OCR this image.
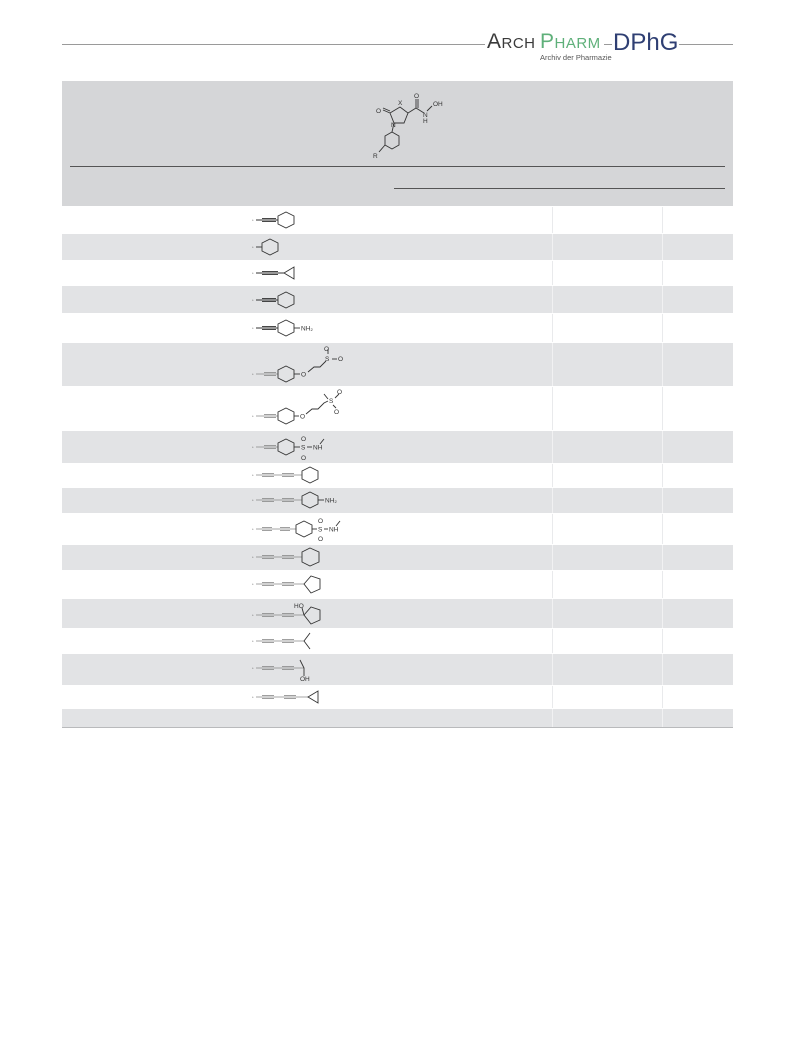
Arch Pharm DPhG
Archiv der Pharmazie
O
X
O
N
N
H
OH
R
*
*
*
*
*	NH₂
*	O
S
O
O
*	O
S
O
O
*	S
O
O
NH
*
*	NH₂
*	S
O
O
NH
*
*
*
HO
*
*
OH
*
